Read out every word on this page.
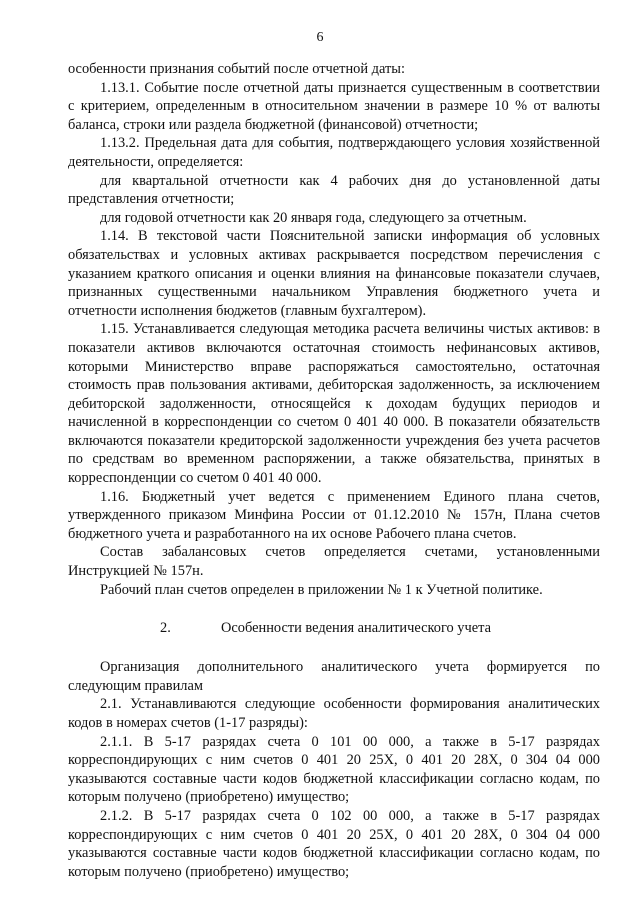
6

особенности признания событий после отчетной даты:

1.13.1. Событие после отчетной даты признается существенным в соответствии с критерием, определенным в относительном значении в размере 10 % от валюты баланса, строки или раздела бюджетной (финансовой) отчетности;

1.13.2. Предельная дата для события, подтверждающего условия хозяйственной деятельности, определяется:

для квартальной отчетности как 4 рабочих дня до установленной даты представления отчетности;

для годовой отчетности как 20 января года, следующего за отчетным.

1.14. В текстовой части Пояснительной записки информация об условных обязательствах и условных активах раскрывается посредством перечисления с указанием краткого описания и оценки влияния на финансовые показатели случаев, признанных существенными начальником Управления бюджетного учета и отчетности исполнения бюджетов (главным бухгалтером).

1.15. Устанавливается следующая методика расчета величины чистых активов: в показатели активов включаются остаточная стоимость нефинансовых активов, которыми Министерство вправе распоряжаться самостоятельно, остаточная стоимость прав пользования активами, дебиторская задолженность, за исключением дебиторской задолженности, относящейся к доходам будущих периодов и начисленной в корреспонденции со счетом 0 401 40 000. В показатели обязательств включаются показатели кредиторской задолженности учреждения без учета расчетов по средствам во временном распоряжении, а также обязательства, принятых в корреспонденции со счетом 0 401 40 000.

1.16. Бюджетный учет ведется с применением Единого плана счетов, утвержденного приказом Минфина России от 01.12.2010 № 157н, Плана счетов бюджетного учета и разработанного на их основе Рабочего плана счетов.

Состав забалансовых счетов определяется счетами, установленными Инструкцией № 157н.

Рабочий план счетов определен в приложении № 1 к Учетной политике.

2.	Особенности ведения аналитического учета

Организация дополнительного аналитического учета формируется по следующим правилам

2.1. Устанавливаются следующие особенности формирования аналитических кодов в номерах счетов (1-17 разряды):

2.1.1. В 5-17 разрядах счета 0 101 00 000, а также в 5-17 разрядах корреспондирующих с ним счетов 0 401 20 25Х, 0 401 20 28Х, 0 304 04 000 указываются составные части кодов бюджетной классификации согласно кодам, по которым получено (приобретено) имущество;

2.1.2. В 5-17 разрядах счета 0 102 00 000, а также в 5-17 разрядах корреспондирующих с ним счетов 0 401 20 25Х, 0 401 20 28Х, 0 304 04 000 указываются составные части кодов бюджетной классификации согласно кодам, по которым получено (приобретено) имущество;
